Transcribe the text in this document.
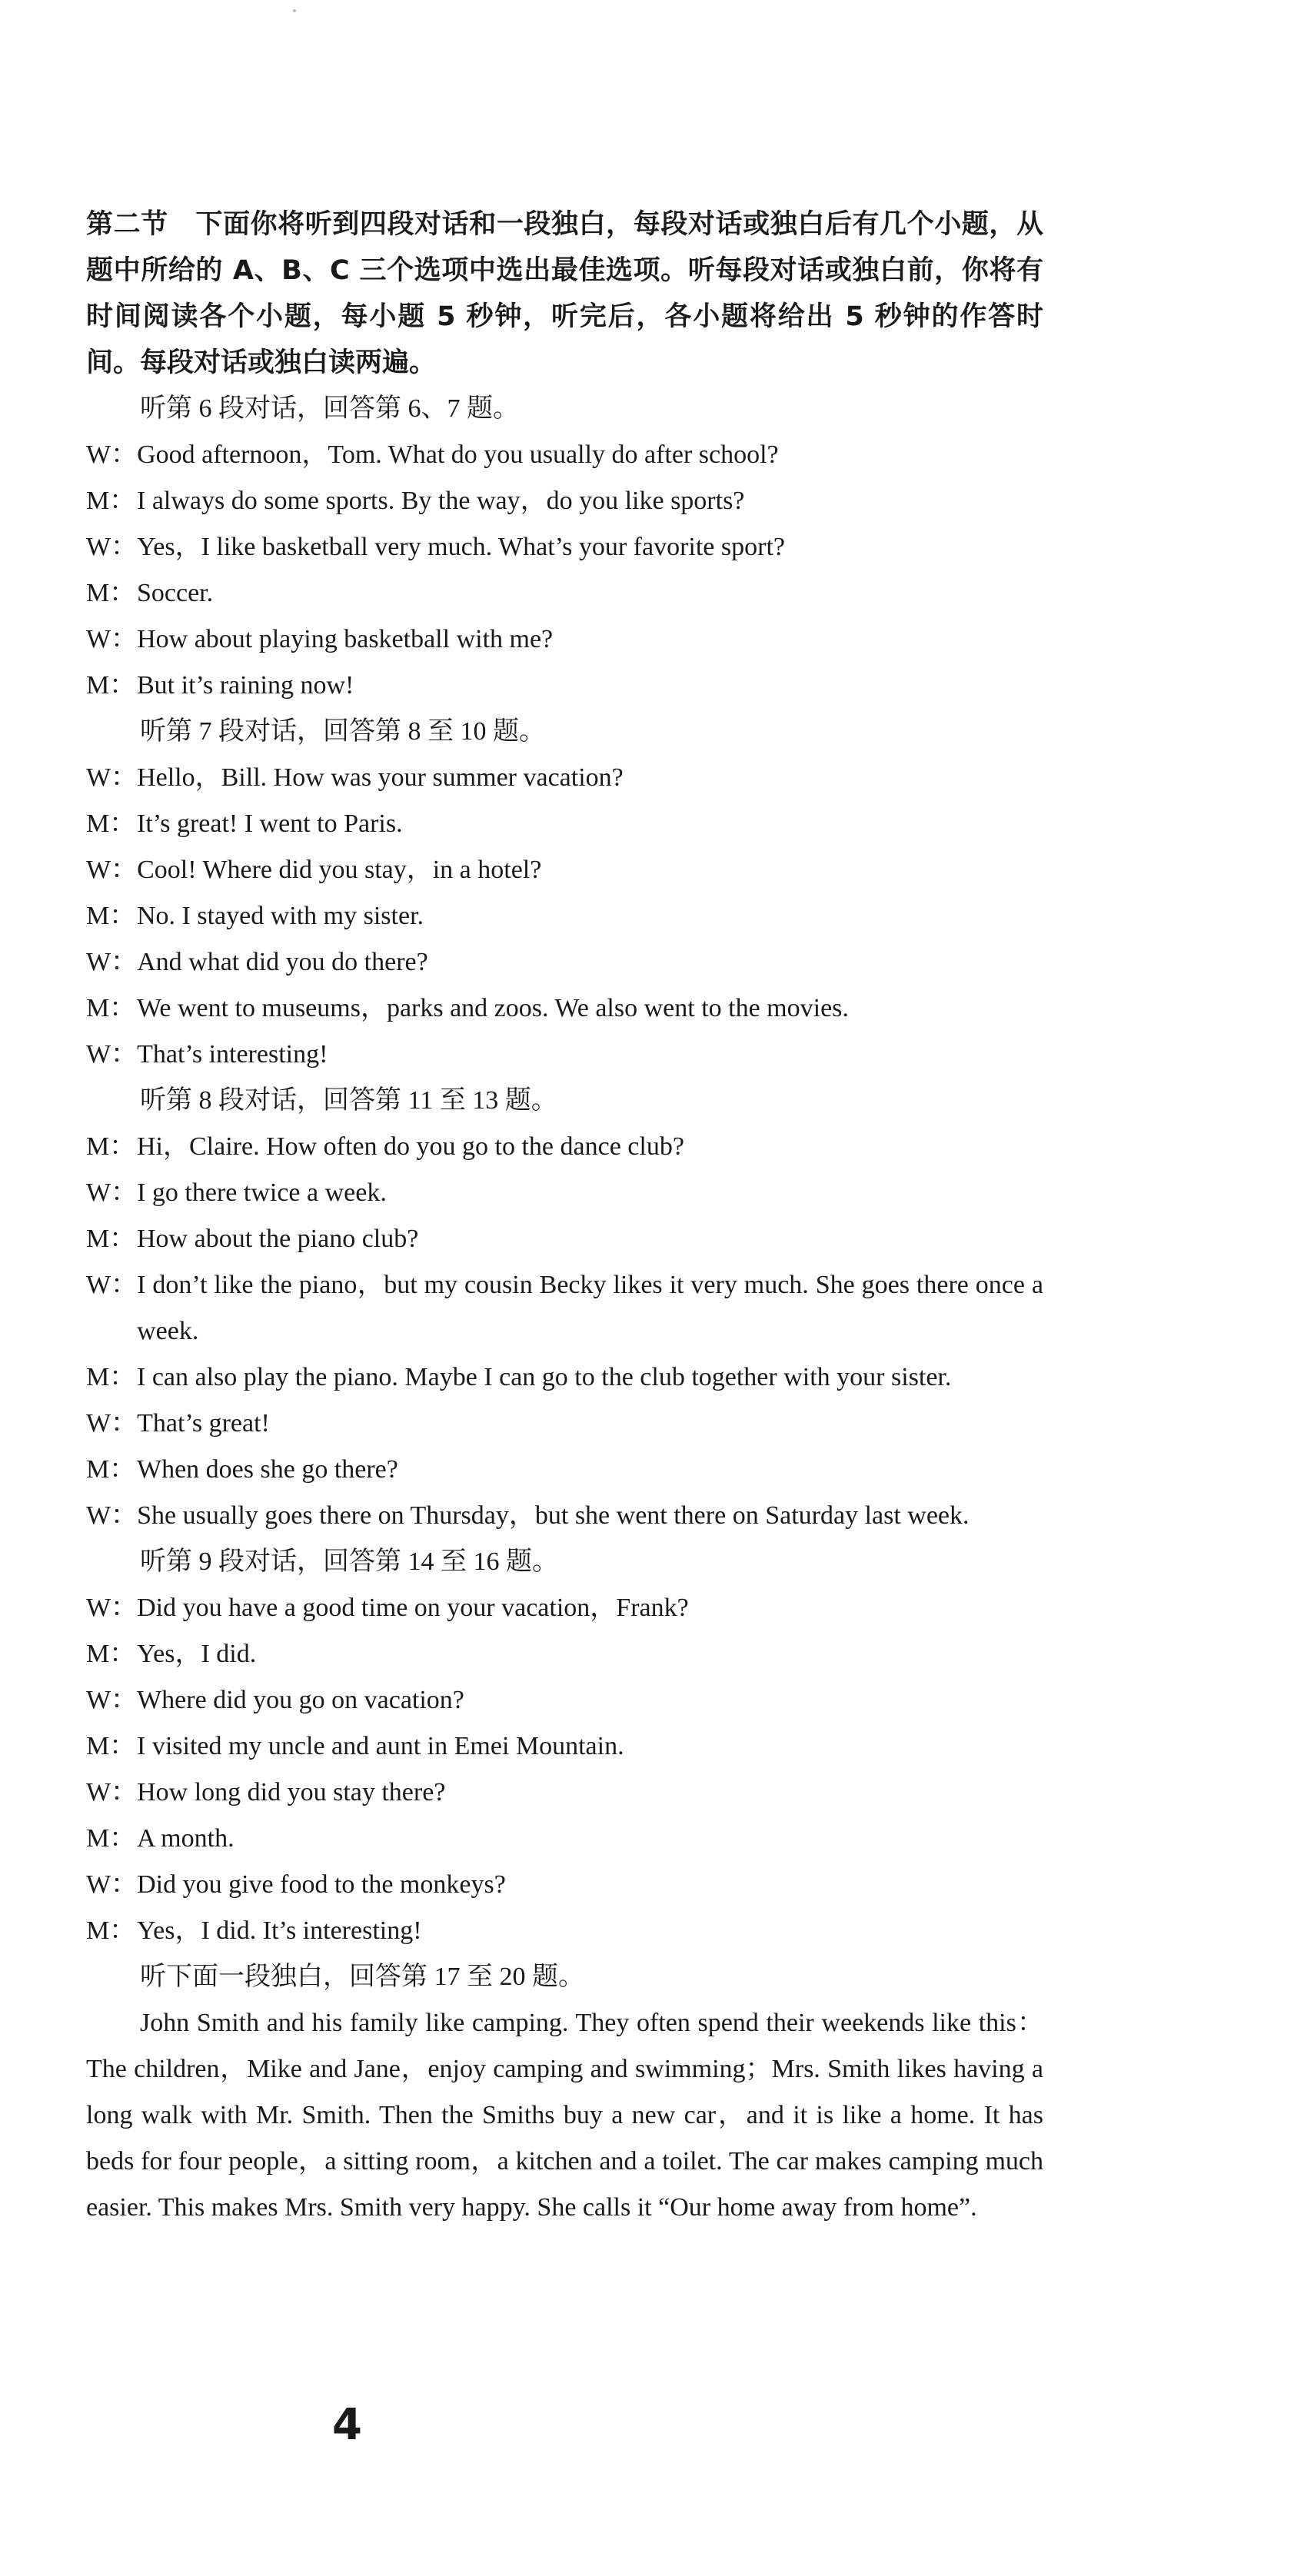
第二节　下面你将听到四段对话和一段独白，每段对话或独白后有几个小题，从题中所给的 A、B、C 三个选项中选出最佳选项。听每段对话或独白前，你将有时间阅读各个小题，每小题 5 秒钟，听完后，各小题将给出 5 秒钟的作答时间。每段对话或独白读两遍。

听第 6 段对话，回答第 6、7 题。

W： Good afternoon，Tom. What do you usually do after school?
M： I always do some sports. By the way，do you like sports?
W： Yes，I like basketball very much. What’s your favorite sport?
M： Soccer.
W： How about playing basketball with me?
M： But it’s raining now!

听第 7 段对话，回答第 8 至 10 题。

W： Hello，Bill. How was your summer vacation?
M： It’s great! I went to Paris.
W： Cool! Where did you stay，in a hotel?
M： No. I stayed with my sister.
W： And what did you do there?
M： We went to museums，parks and zoos. We also went to the movies.
W： That’s interesting!

听第 8 段对话，回答第 11 至 13 题。

M： Hi，Claire. How often do you go to the dance club?
W： I go there twice a week.
M： How about the piano club?
W： I don’t like the piano，but my cousin Becky likes it very much. She goes there once a week.
M： I can also play the piano. Maybe I can go to the club together with your sister.
W： That’s great!
M： When does she go there?
W： She usually goes there on Thursday，but she went there on Saturday last week.

听第 9 段对话，回答第 14 至 16 题。

W： Did you have a good time on your vacation，Frank?
M： Yes，I did.
W： Where did you go on vacation?
M： I visited my uncle and aunt in Emei Mountain.
W： How long did you stay there?
M： A month.
W： Did you give food to the monkeys?
M： Yes，I did. It’s interesting!

听下面一段独白，回答第 17 至 20 题。

John Smith and his family like camping. They often spend their weekends like this：The children，Mike and Jane，enjoy camping and swimming；Mrs. Smith likes having a long walk with Mr. Smith. Then the Smiths buy a new car，and it is like a home. It has beds for four people，a sitting room，a kitchen and a toilet. The car makes camping much easier. This makes Mrs. Smith very happy. She calls it “Our home away from home”.

4
